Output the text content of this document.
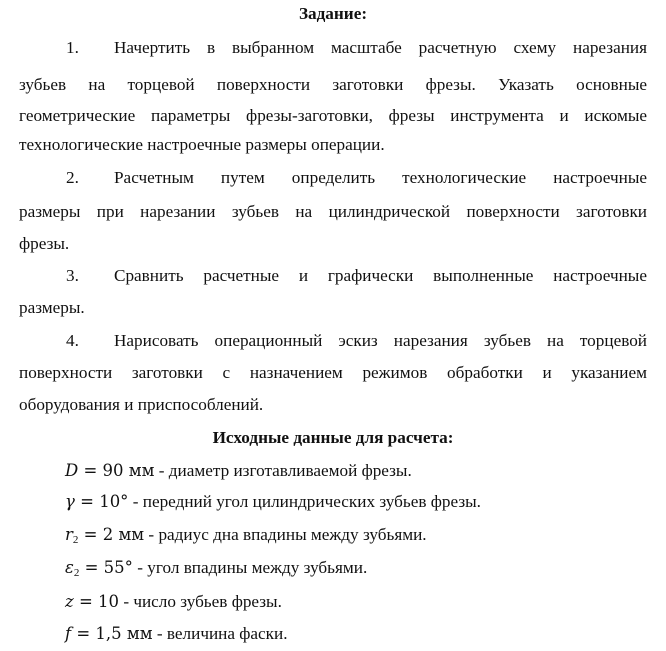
Задание:
1.	Начертить в выбранном масштабе расчетную схему нарезания
зубьев на торцевой поверхности заготовки фрезы. Указать основные
геометрические параметры фрезы-заготовки, фрезы инструмента и искомые
технологические настроечные размеры операции.
2.	Расчетным путем определить технологические настроечные
размеры при нарезании зубьев на цилиндрической поверхности заготовки
фрезы.
3.	Сравнить расчетные и графически выполненные настроечные
размеры.
4.	Нарисовать операционный эскиз нарезания зубьев на торцевой
поверхности заготовки с назначением режимов обработки и указанием
оборудования и приспособлений.
Исходные данные для расчета:
D = 90 мм - диаметр изготавливаемой фрезы.
γ = 10° - передний угол цилиндрических зубьев фрезы.
$r_2 = 2$ мм - радиус дна впадины между зубьями.
$\varepsilon_2 = 55^\circ$ - угол впадины между зубьями.
z = 10 - число зубьев фрезы.
f = 1,5 мм - величина фаски.
